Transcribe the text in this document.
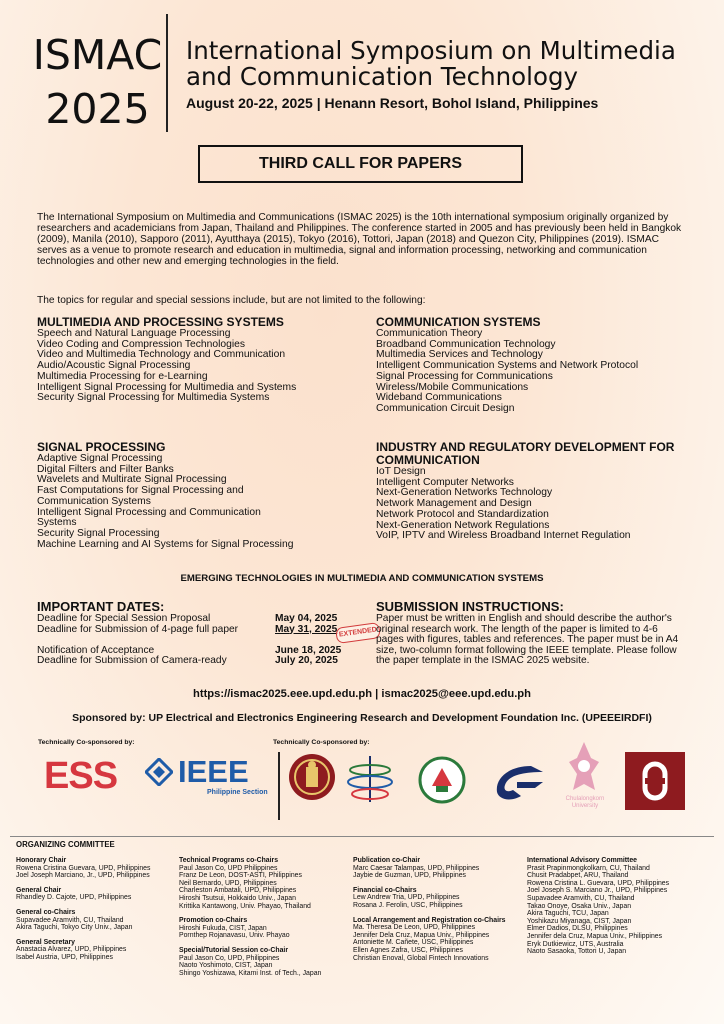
ISMAC
2025
International Symposium on Multimedia
and Communication Technology
August 20-22, 2025 | Henann Resort, Bohol Island, Philippines
THIRD CALL FOR PAPERS
The International Symposium on Multimedia and Communications (ISMAC 2025) is the 10th international symposium originally organized by researchers and academicians from Japan, Thailand and Philippines. The conference started in 2005 and has previously been held in Bangkok (2009), Manila (2010), Sapporo (2011), Ayutthaya (2015), Tokyo (2016), Tottori, Japan (2018) and Quezon City, Philippines (2019). ISMAC serves as a venue to promote research and education in multimedia, signal and information processing, networking and communication technologies and other new and emerging technologies in the field.
The topics for regular and special sessions include, but are not limited to the following:
MULTIMEDIA AND PROCESSING SYSTEMS
Speech and Natural Language Processing
Video Coding and Compression Technologies
Video and Multimedia Technology and Communication
Audio/Acoustic Signal Processing
Multimedia Processing for e-Learning
Intelligent Signal Processing for Multimedia and Systems
Security Signal Processing for Multimedia Systems
COMMUNICATION SYSTEMS
Communication Theory
Broadband Communication Technology
Multimedia Services and Technology
Intelligent Communication Systems and Network Protocol
Signal Processing for Communications
Wireless/Mobile Communications
Wideband Communications
Communication Circuit Design
SIGNAL PROCESSING
Adaptive Signal Processing
Digital Filters and Filter Banks
Wavelets and Multirate Signal Processing
Fast Computations for Signal Processing and Communication Systems
Intelligent Signal Processing and Communication Systems
Security Signal Processing
Machine Learning and AI Systems for Signal Processing
INDUSTRY AND REGULATORY DEVELOPMENT FOR COMMUNICATION
IoT Design
Intelligent Computer Networks
Next-Generation Networks Technology
Network Management and Design
Network Protocol and Standardization
Next-Generation Network Regulations
VoIP, IPTV and Wireless Broadband Internet Regulation
EMERGING TECHNOLOGIES IN MULTIMEDIA AND COMMUNICATION SYSTEMS
IMPORTANT DATES:
Deadline for Special Session Proposal	May 04, 2025
Deadline for Submission of 4-page full paper	May 31, 2025
Notification of Acceptance	June 18, 2025
Deadline for Submission of Camera-ready	July 20, 2025
EXTENDED
SUBMISSION INSTRUCTIONS:
Paper must be written in English and should describe the author's original research work. The length of the paper is limited to 4-6 pages with figures, tables and references. The paper must be in A4 size, two-column format following the IEEE template. Please follow the paper template in the ISMAC 2025 website.
https://ismac2025.eee.upd.edu.ph | ismac2025@eee.upd.edu.ph
Sponsored by: UP Electrical and Electronics Engineering Research and Development Foundation Inc. (UPEEEIRDFI)
Technically Co-sponsored by:	Technically Co-sponsored by:
ESS IEEE
Philippine Section
Chulalongkorn University
ORGANIZING COMMITTEE
Honorary Chair
Rowena Cristina Guevara, UPD, Philippines
Joel Joseph Marciano, Jr., UPD, Philippines
General Chair
Rhandley D. Cajote, UPD, Philippines
General co-Chairs
Supavadee Aramvith, CU, Thailand
Akira Taguchi, Tokyo City Univ., Japan
General Secretary
Anastacia Alvarez, UPD, Philippines
Isabel Austria, UPD, Philippines
Technical Programs co-Chairs
Paul Jason Co, UPD Philippines
Franz De Leon, DOST-ASTI, Philippines
Neil Bernardo, UPD, Philippines
Charleston Ambatali, UPD, Philippines
Hiroshi Tsutsui, Hokkaido Univ., Japan
Krittika Kantawong, Univ. Phayao, Thailand
Promotion co-Chairs
Hiroshi Fukuda, CIST, Japan
Pornthep Rojanavasu, Univ. Phayao
Special/Tutorial Session co-Chair
Paul Jason Co, UPD, Philippines
Naoto Yoshimoto, CIST, Japan
Shingo Yoshizawa, Kitami Inst. of Tech., Japan
Publication co-Chair
Marc Caesar Talampas, UPD, Philippines
Jaybie de Guzman, UPD, Philippines
Financial co-Chairs
Lew Andrew Tria, UPD, Philippines
Rosana J. Ferolin, USC, Philippines
Local Arrangement and Registration co-Chairs
Ma. Theresa De Leon, UPD, Philippines
Jennifer Dela Cruz, Mapua Univ., Philippines
Antoniette M. Cañete, USC, Philippines
Ellen Agnes Zafra, USC, Philippines
Christian Enoval, Global Fintech Innovations
International Advisory Committee
Prasit Prapinmongkolkarn, CU, Thailand
Chusit Pradabpet, ARU, Thailand
Rowena Cristina L. Guevara, UPD, Philippines
Joel Joseph S. Marciano Jr., UPD, Philippines
Supavadee Aramvith, CU, Thailand
Takao Onoye, Osaka Univ., Japan
Akira Taguchi, TCU, Japan
Yoshikazu Miyanaga, CIST, Japan
Elmer Dadios, DLSU, Philippines
Jennifer dela Cruz, Mapua Univ., Philippines
Eryk Dutkiewicz, UTS, Australia
Naoto Sasaoka, Tottori U, Japan
